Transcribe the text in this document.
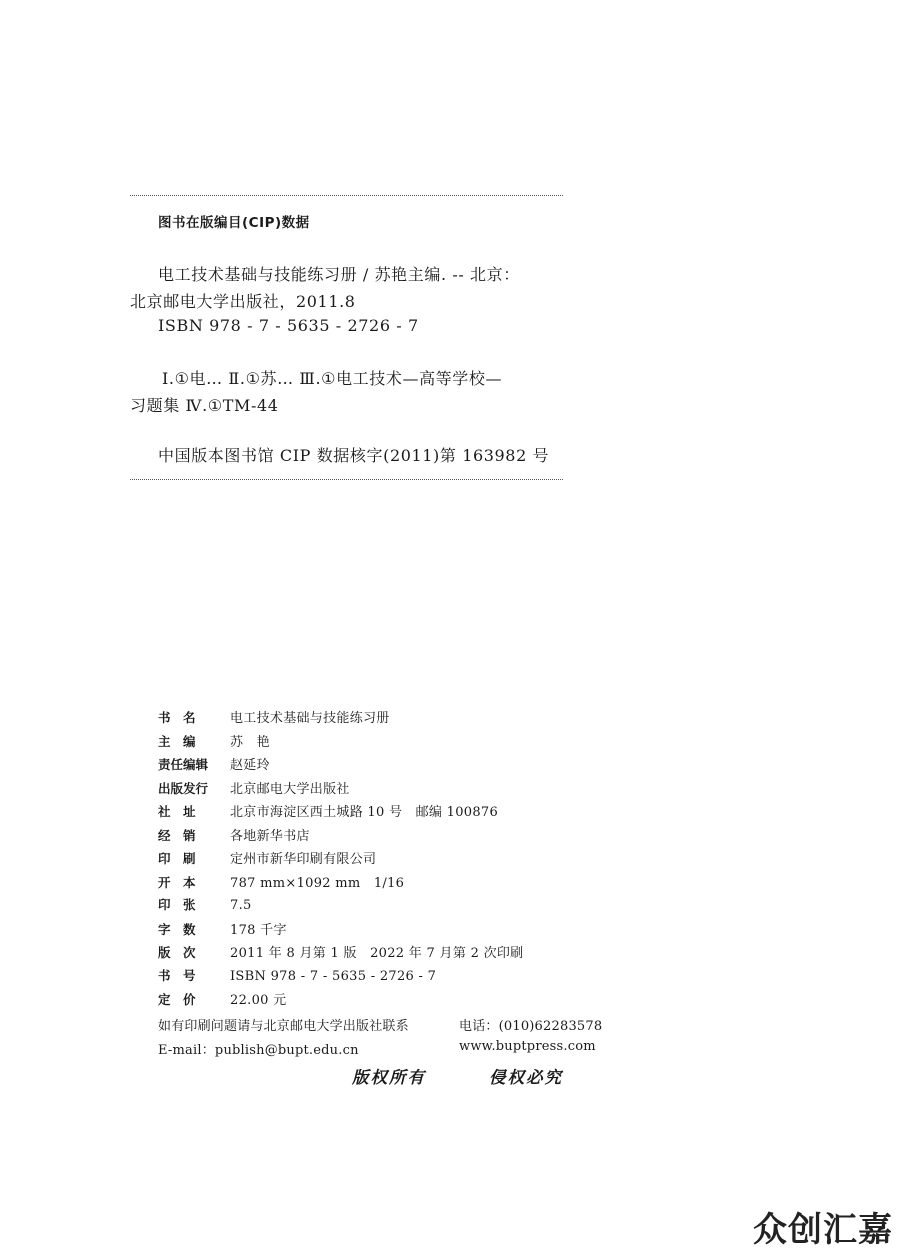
图书在版编目(CIP)数据
电工技术基础与技能练习册 / 苏艳主编. -- 北京：
北京邮电大学出版社，2011.8
ISBN 978 - 7 - 5635 - 2726 - 7
Ⅰ.①电… Ⅱ.①苏… Ⅲ.①电工技术—高等学校—
习题集 Ⅳ.①TM-44
中国版本图书馆 CIP 数据核字(2011)第 163982 号
书　名	电工技术基础与技能练习册
主　编	苏　艳
责任编辑 赵延玲
出版发行 北京邮电大学出版社
社　址	北京市海淀区西土城路 10 号　邮编 100876
经　销	各地新华书店
印　刷	定州市新华印刷有限公司
开　本	787 mm×1092 mm　1/16
印　张	7.5
字　数	178 千字
版　次	2011 年 8 月第 1 版　2022 年 7 月第 2 次印刷
书　号	ISBN 978 - 7 - 5635 - 2726 - 7
定　价	22.00 元
如有印刷问题请与北京邮电大学出版社联系	电话：(010)62283578
E-mail：publish@bupt.edu.cn	www.buptpress.com
版权所有	侵权必究
众创汇嘉
